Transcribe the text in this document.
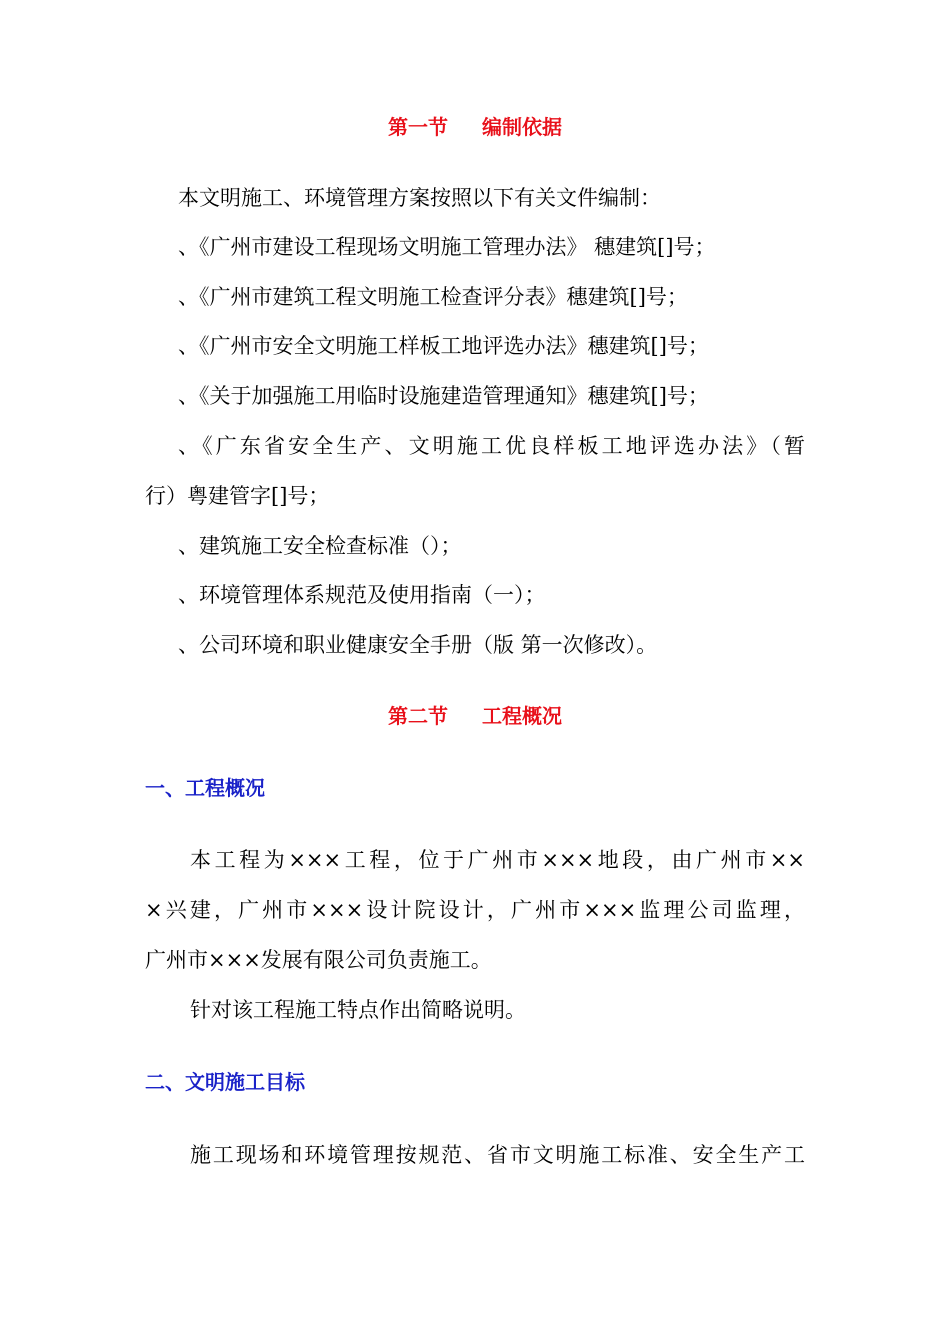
第一节 编制依据
本文明施工、环境管理方案按照以下有关文件编制：
、《广州市建设工程现场文明施工管理办法》 穗建筑[]号；
、《广州市建筑工程文明施工检查评分表》穗建筑[]号；
、《广州市安全文明施工样板工地评选办法》穗建筑[]号；
、《关于加强施工用临时设施建造管理通知》穗建筑[]号；
、《广东省安全生产、文明施工优良样板工地评选办法》（暂
行）粤建管字[]号；
、建筑施工安全检查标准（）；
、环境管理体系规范及使用指南（一）；
、公司环境和职业健康安全手册（版 第一次修改）。
第二节 工程概况
一、工程概况
本工程为×××工程，位于广州市×××地段，由广州市××
×兴建，广州市×××设计院设计，广州市×××监理公司监理，
广州市×××发展有限公司负责施工。
针对该工程施工特点作出简略说明。
二、文明施工目标
施工现场和环境管理按规范、省市文明施工标准、安全生产工
